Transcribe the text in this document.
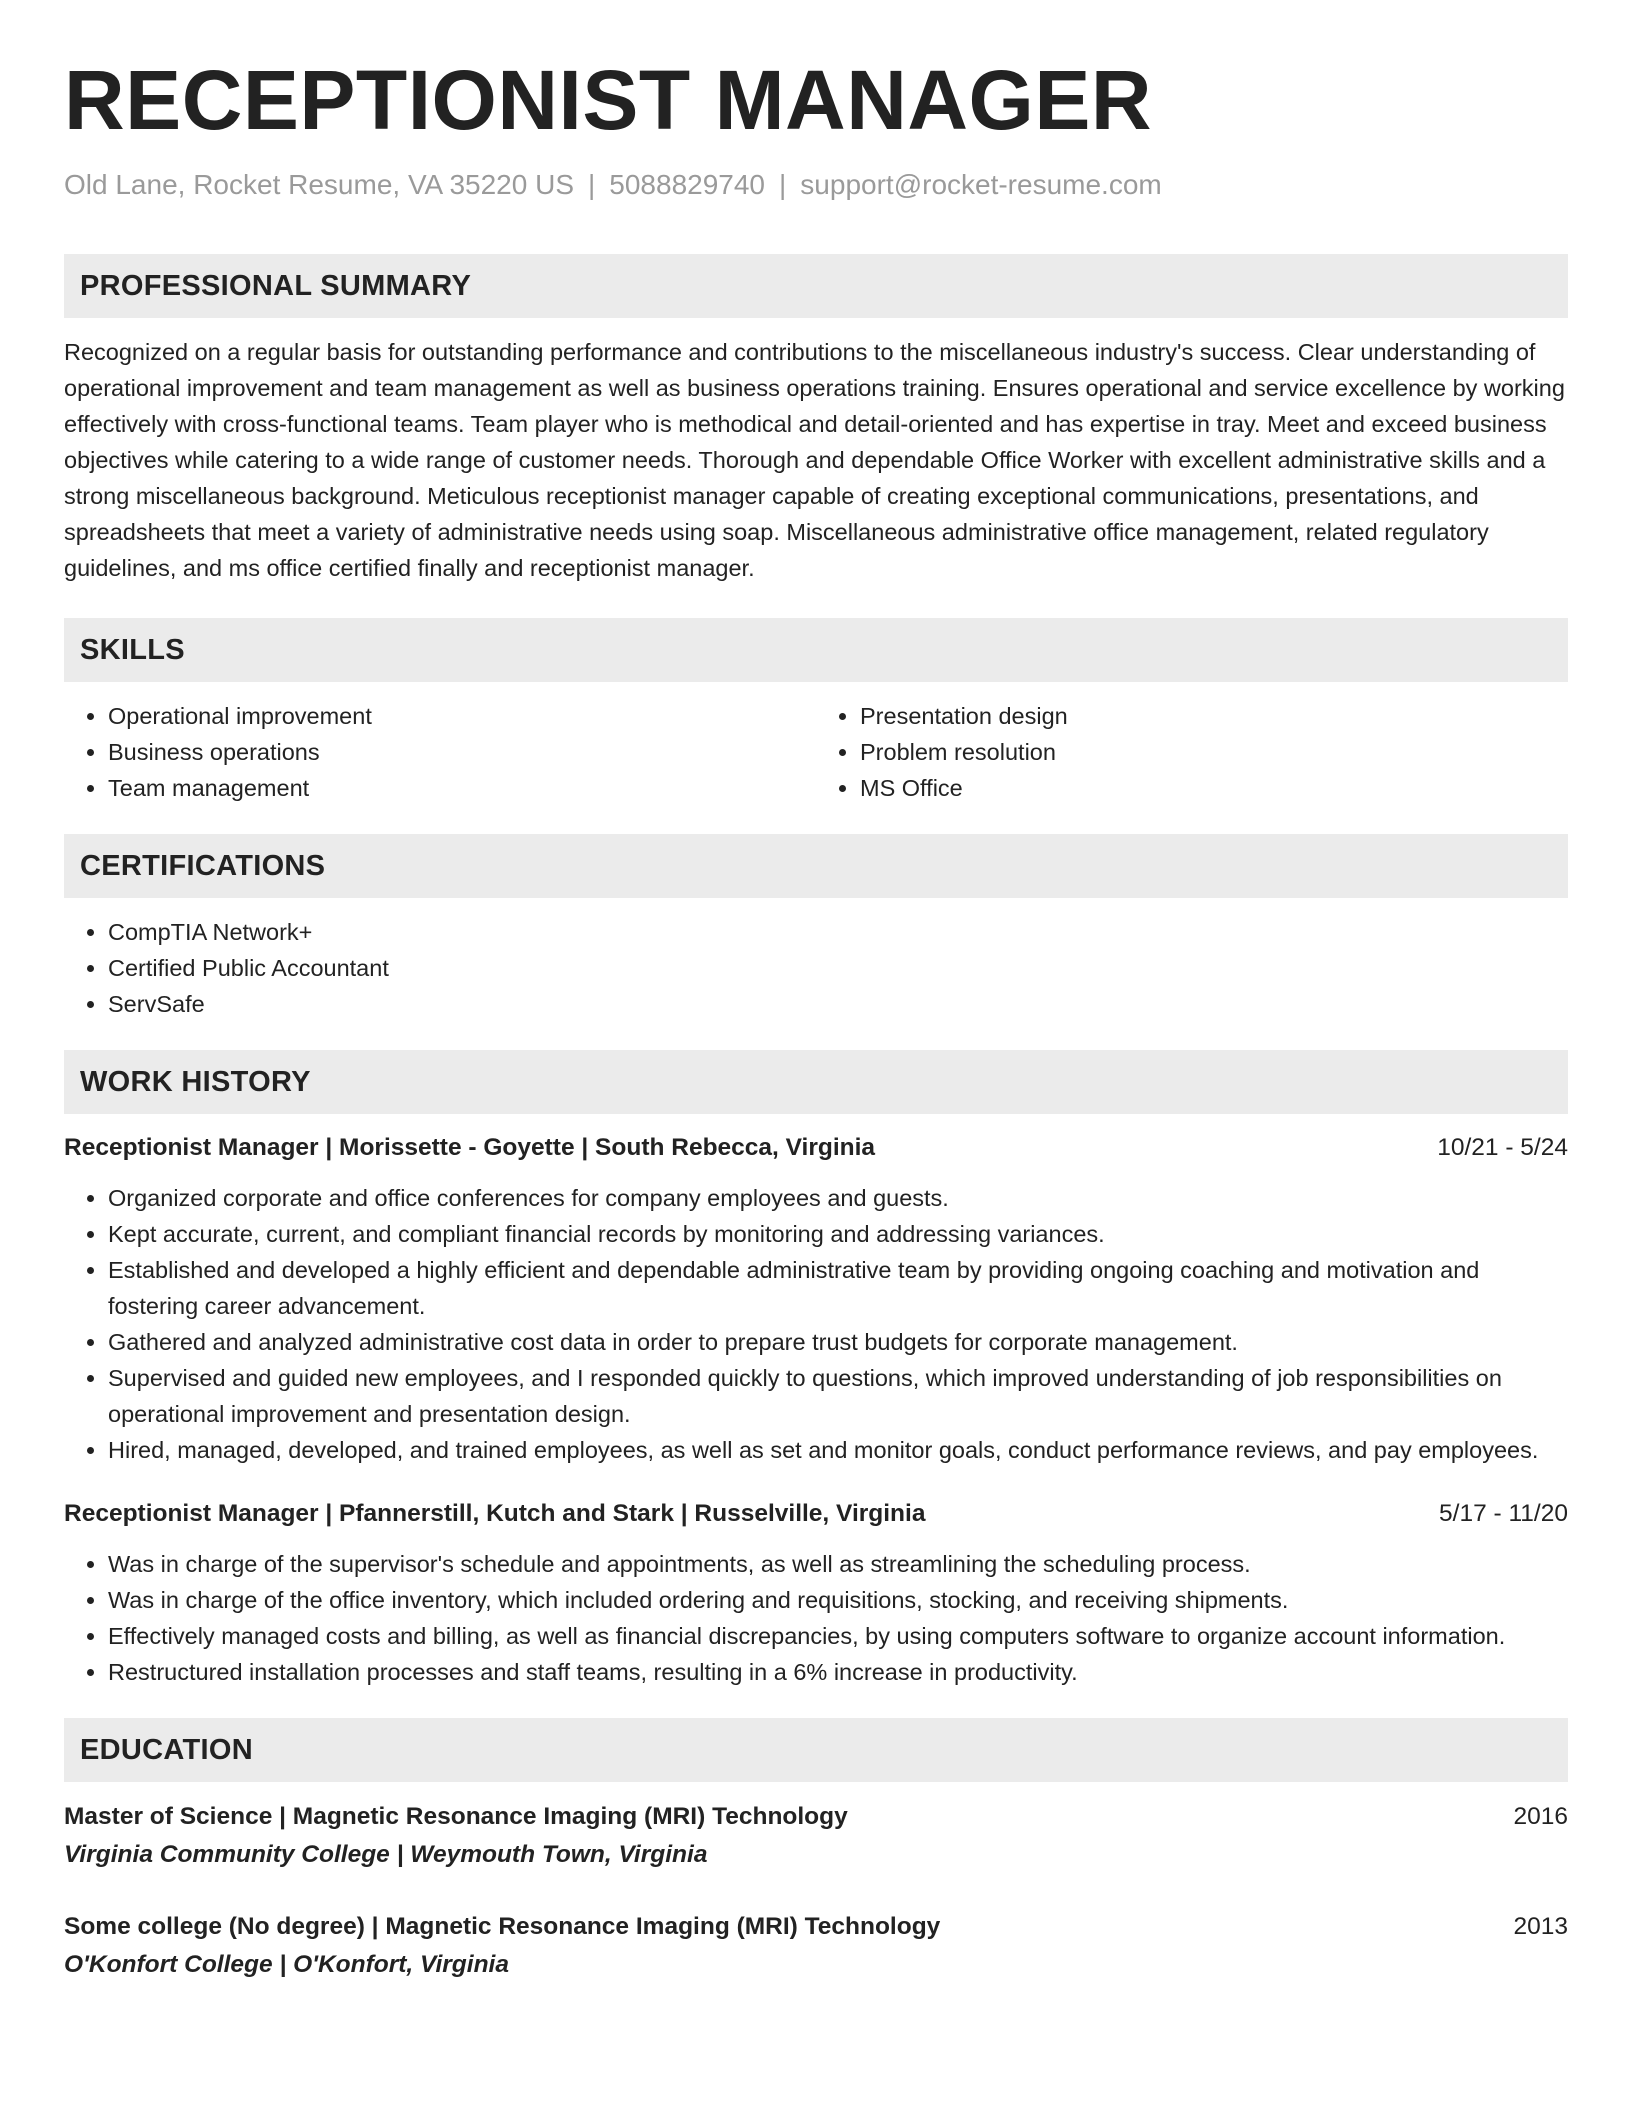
RECEPTIONIST MANAGER
Old Lane, Rocket Resume, VA 35220 US | 5088829740 | support@rocket-resume.com
PROFESSIONAL SUMMARY

Recognized on a regular basis for outstanding performance and contributions to the miscellaneous industry's success. Clear understanding of operational improvement and team management as well as business operations training. Ensures operational and service excellence by working effectively with cross-functional teams. Team player who is methodical and detail-oriented and has expertise in tray. Meet and exceed business objectives while catering to a wide range of customer needs. Thorough and dependable Office Worker with excellent administrative skills and a strong miscellaneous background. Meticulous receptionist manager capable of creating exceptional communications, presentations, and spreadsheets that meet a variety of administrative needs using soap. Miscellaneous administrative office management, related regulatory guidelines, and ms office certified finally and receptionist manager.

SKILLS
• Operational improvement
• Business operations
• Team management
• Presentation design
• Problem resolution
• MS Office
CERTIFICATIONS
• CompTIA Network+
• Certified Public Accountant
• ServSafe
WORK HISTORY
Receptionist Manager | Morissette - Goyette | South Rebecca, Virginia	10/21 - 5/24
• Organized corporate and office conferences for company employees and guests.
• Kept accurate, current, and compliant financial records by monitoring and addressing variances.
• Established and developed a highly efficient and dependable administrative team by providing ongoing coaching and motivation and fostering career advancement.
• Gathered and analyzed administrative cost data in order to prepare trust budgets for corporate management.
• Supervised and guided new employees, and I responded quickly to questions, which improved understanding of job responsibilities on operational improvement and presentation design.
• Hired, managed, developed, and trained employees, as well as set and monitor goals, conduct performance reviews, and pay employees.
Receptionist Manager | Pfannerstill, Kutch and Stark | Russelville, Virginia	5/17 - 11/20
• Was in charge of the supervisor's schedule and appointments, as well as streamlining the scheduling process.
• Was in charge of the office inventory, which included ordering and requisitions, stocking, and receiving shipments.
• Effectively managed costs and billing, as well as financial discrepancies, by using computers software to organize account information.
• Restructured installation processes and staff teams, resulting in a 6% increase in productivity.
EDUCATION
Master of Science | Magnetic Resonance Imaging (MRI) Technology	2016
Virginia Community College | Weymouth Town, Virginia
Some college (No degree) | Magnetic Resonance Imaging (MRI) Technology	2013
O'Konfort College | O'Konfort, Virginia
